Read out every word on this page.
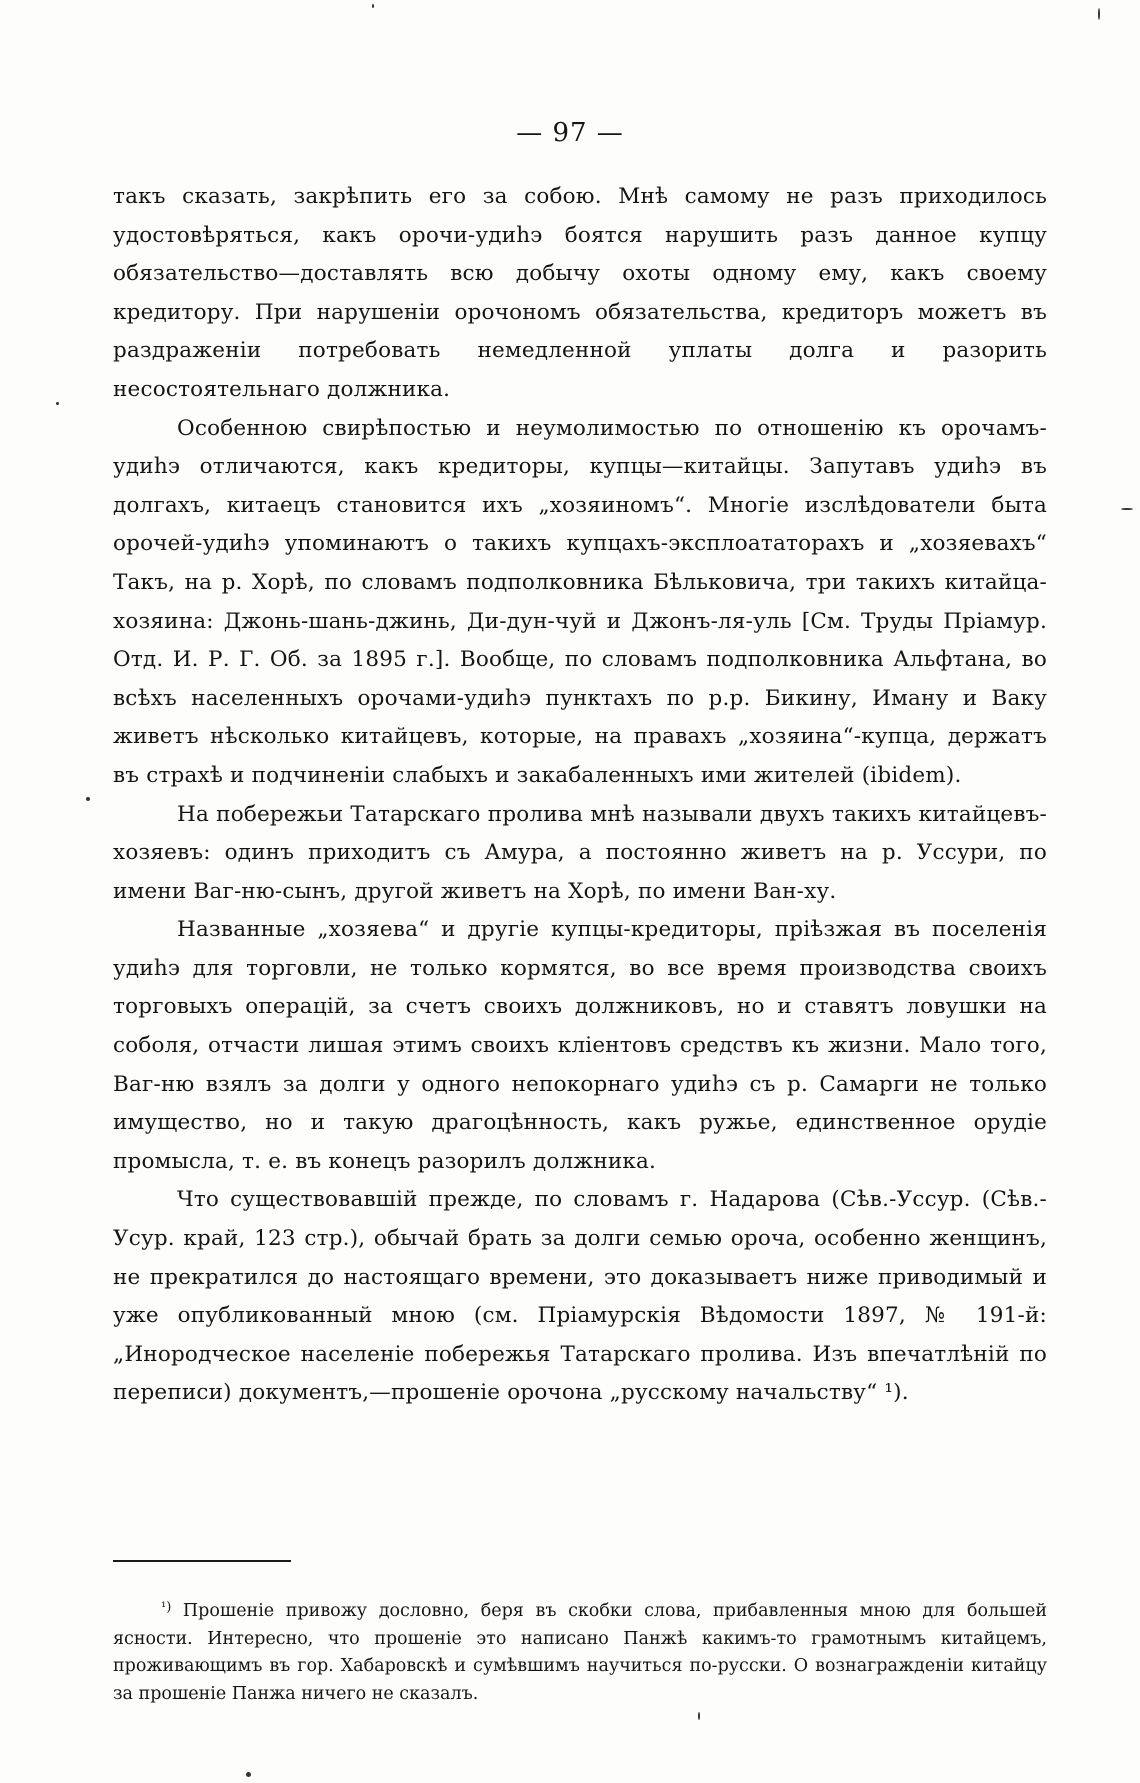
— 97 —

такъ сказать, закрѣпить его за собою. Мнѣ самому не разъ приходилось удостовѣряться, какъ орочи-удиһэ боятся нарушить разъ данное купцу обязательство—доставлять всю добычу охоты одному ему, какъ своему кредитору. При нарушеніи орочономъ обязательства, кредиторъ можетъ въ раздраженіи потребовать немедленной уплаты долга и разорить несостоятельнаго должника.

Особенною свирѣпостью и неумолимостью по отношенію къ орочамъ-удиһэ отличаются, какъ кредиторы, купцы—китайцы. Запутавъ удиһэ въ долгахъ, китаецъ становится ихъ „хозяиномъ“. Многіе изслѣдователи быта орочей-удиһэ упоминаютъ о такихъ купцахъ-эксплоататорахъ и „хозяевахъ“ Такъ, на р. Хорѣ, по словамъ подполковника Бѣльковича, три такихъ китайца-хозяина: Джонь-шань-джинь, Ди-дун-чуй и Джонъ-ля-уль [См. Труды Пріамур. Отд. И. Р. Г. Об. за 1895 г.]. Вообще, по словамъ подполковника Альфтана, во всѣхъ населенныхъ орочами-удиһэ пунктахъ по р.р. Бикину, Иману и Ваку живетъ нѣсколько китайцевъ, которые, на правахъ „хозяина“-купца, держатъ въ страхѣ и подчиненіи слабыхъ и закабаленныхъ ими жителей (ibidem).

На побережьи Татарскаго пролива мнѣ называли двухъ такихъ китайцевъ-хозяевъ: одинъ приходитъ съ Амура, а постоянно живетъ на р. Уссури, по имени Ваг-ню-сынъ, другой живетъ на Хорѣ, по имени Ван-ху.

Названные „хозяева“ и другіе купцы-кредиторы, пріѣзжая въ поселенія удиһэ для торговли, не только кормятся, во все время производства своихъ торговыхъ операцій, за счетъ своихъ должниковъ, но и ставятъ ловушки на соболя, отчасти лишая этимъ своихъ кліентовъ средствъ къ жизни. Мало того, Ваг-ню взялъ за долги у одного непокорнаго удиһэ съ р. Самарги не только имущество, но и такую драгоцѣнность, какъ ружье, единственное орудіе промысла, т. е. въ конецъ разорилъ должника.

Что существовавшій прежде, по словамъ г. Надарова (Сѣв.-Уссур. (Сѣв.-Усур. край, 123 стр.), обычай брать за долги семью ороча, особенно женщинъ, не прекратился до настоящаго времени, это доказываетъ ниже приводимый и уже опубликованный мною (см. Пріамурскія Вѣдомости 1897, № 191-й: „Инородческое населеніе побережья Татарскаго пролива. Изъ впечатлѣній по переписи) документъ,—прошеніе орочона „русскому начальству“ ¹).

$^{^1)}$ Прошеніе привожу дословно, беря въ скобки слова, прибавленныя мною для большей ясности. Интересно, что прошеніе это написано Панжѣ какимъ-то грамотнымъ китайцемъ, проживающимъ въ гор. Хабаровскѣ и сумѣвшимъ научиться по-русски. О вознагражденіи китайцу за прошеніе Панжа ничего не сказалъ.
